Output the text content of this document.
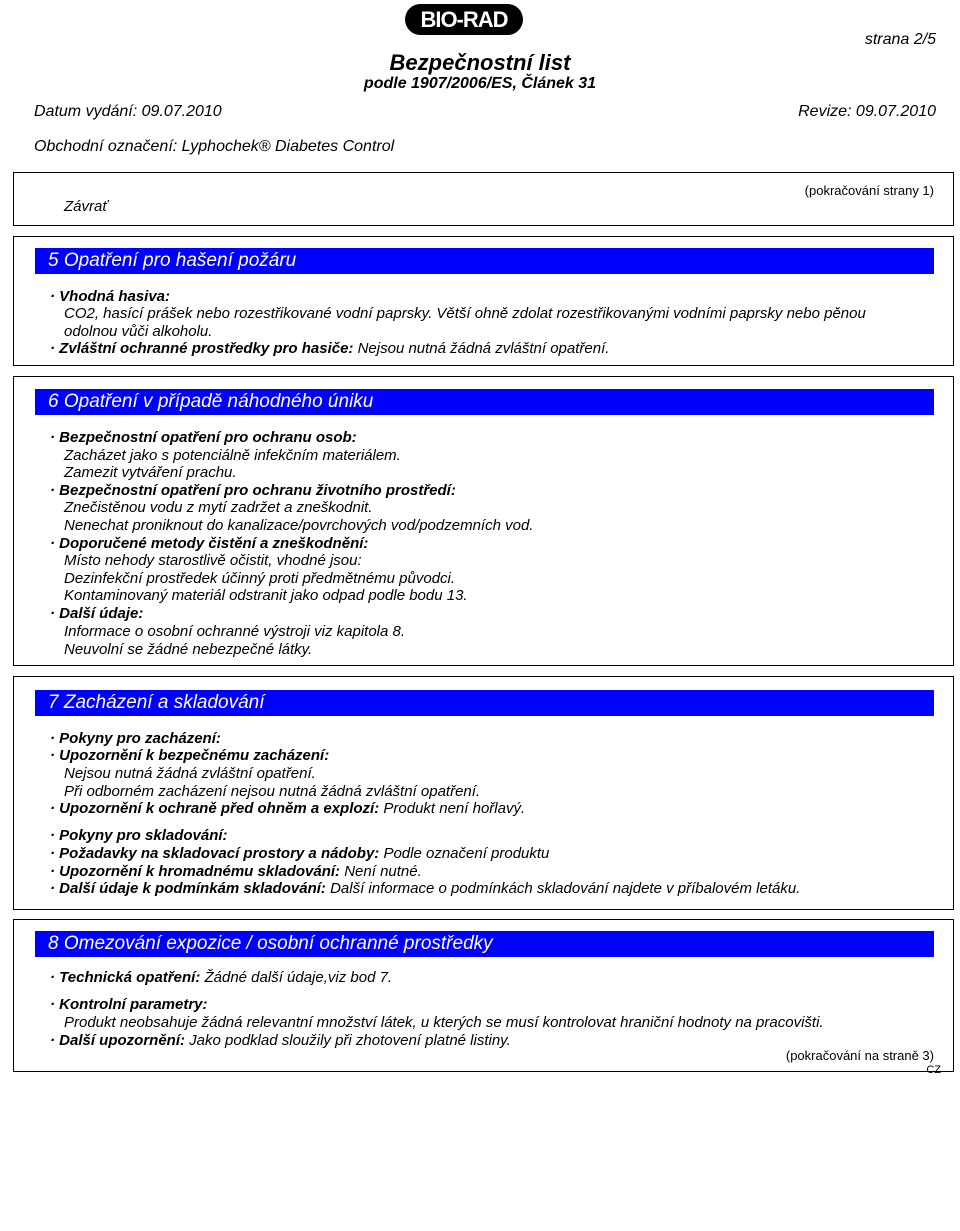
BIO-RAD
strana 2/5
Bezpečnostní list
podle 1907/2006/ES, Článek 31
Datum vydání: 09.07.2010	Revize: 09.07.2010
Obchodní označení: Lyphochek® Diabetes Control
Závrať
(pokračování strany 1)
5 Opatření pro hašení požáru
· Vhodná hasiva:
CO2, hasící prášek nebo rozestřikované vodní paprsky. Větší ohně zdolat rozestřikovanými vodními paprsky nebo pěnou
odolnou vůči alkoholu.
· Zvláštní ochranné prostředky pro hasiče: Nejsou nutná žádná zvláštní opatření.
6 Opatření v případě náhodného úniku
· Bezpečnostní opatření pro ochranu osob:
Zacházet jako s potenciálně infekčním materiálem.
Zamezit vytváření prachu.
· Bezpečnostní opatření pro ochranu životního prostředí:
Znečistěnou vodu z mytí zadržet a zneškodnit.
Nenechat proniknout do kanalizace/povrchových vod/podzemních vod.
· Doporučené metody čistění a zneškodnění:
Místo nehody starostlivě očistit, vhodné jsou:
Dezinfekční prostředek účinný proti předmětnému původci.
Kontaminovaný materiál odstranit jako odpad podle bodu 13.
· Další údaje:
Informace o osobní ochranné výstroji viz kapitola 8.
Neuvolní se žádné nebezpečné látky.
7 Zacházení a skladování
· Pokyny pro zacházení:
· Upozornění k bezpečnému zacházení:
Nejsou nutná žádná zvláštní opatření.
Při odborném zacházení nejsou nutná žádná zvláštní opatření.
· Upozornění k ochraně před ohněm a explozí: Produkt není hořlavý.
· Pokyny pro skladování:
· Požadavky na skladovací prostory a nádoby: Podle označení produktu
· Upozornění k hromadnému skladování: Není nutné.
· Další údaje k podmínkám skladování: Další informace o podmínkách skladování najdete v příbalovém letáku.
8 Omezování expozice / osobní ochranné prostředky
· Technická opatření: Žádné další údaje,viz bod 7.
· Kontrolní parametry:
Produkt neobsahuje žádná relevantní množství látek, u kterých se musí kontrolovat hraniční hodnoty na pracovišti.
· Další upozornění: Jako podklad sloužily při zhotovení platné listiny.
(pokračování na straně 3)
CZ
